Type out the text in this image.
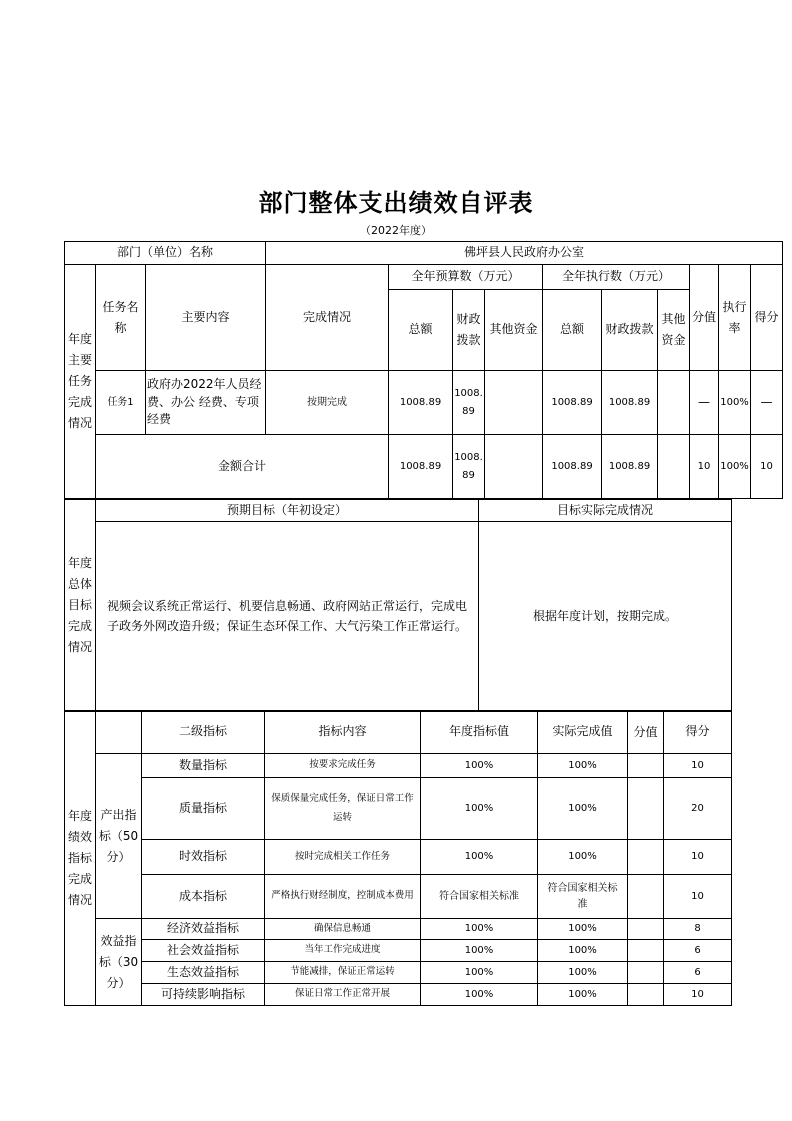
部门整体支出绩效自评表
（2022年度）
部门（单位）名称			佛坪县人民政府办公室									
年度主要任务完成情况	任务名称	主要内容	完成情况	全年预算数（万元）			全年执行数（万元）			分值	执行率	得分
				总额	财政拨款	其他资金	总额	财政拨款	其他资金			
	任务1	政府办2022年人员经费、办公 经费、专项经费	按期完成	1008.89	1008.89		1008.89	1008.89		—	100%	—
	金额合计			1008.89	1008.89		1008.89	1008.89		10	100%	10
年度总体目标完成情况	预期目标（年初设定）	目标实际完成情况
	视频会议系统正常运行、机要信息畅通、政府网站正常运行，完成电子政务外网改造升级；保证生态环保工作、大气污染工作正常运行。	根据年度计划，按期完成。
年度绩效指标完成情况		二级指标	指标内容	年度指标值	实际完成值	分值	得分
	产出指标（50分）	数量指标	按要求完成任务	100%	100%		10
		质量指标	保质保量完成任务，保证日常工作运转	100%	100%		20
		时效指标	按时完成相关工作任务	100%	100%		10
		成本指标	严格执行财经制度，控制成本费用	符合国家相关标准	符合国家相关标准		10
	效益指标（30分）	经济效益指标	确保信息畅通	100%	100%		8
		社会效益指标	当年工作完成进度	100%	100%		6
		生态效益指标	节能减排，保证正常运转	100%	100%		6
		可持续影响指标	保证日常工作正常开展	100%	100%		10
